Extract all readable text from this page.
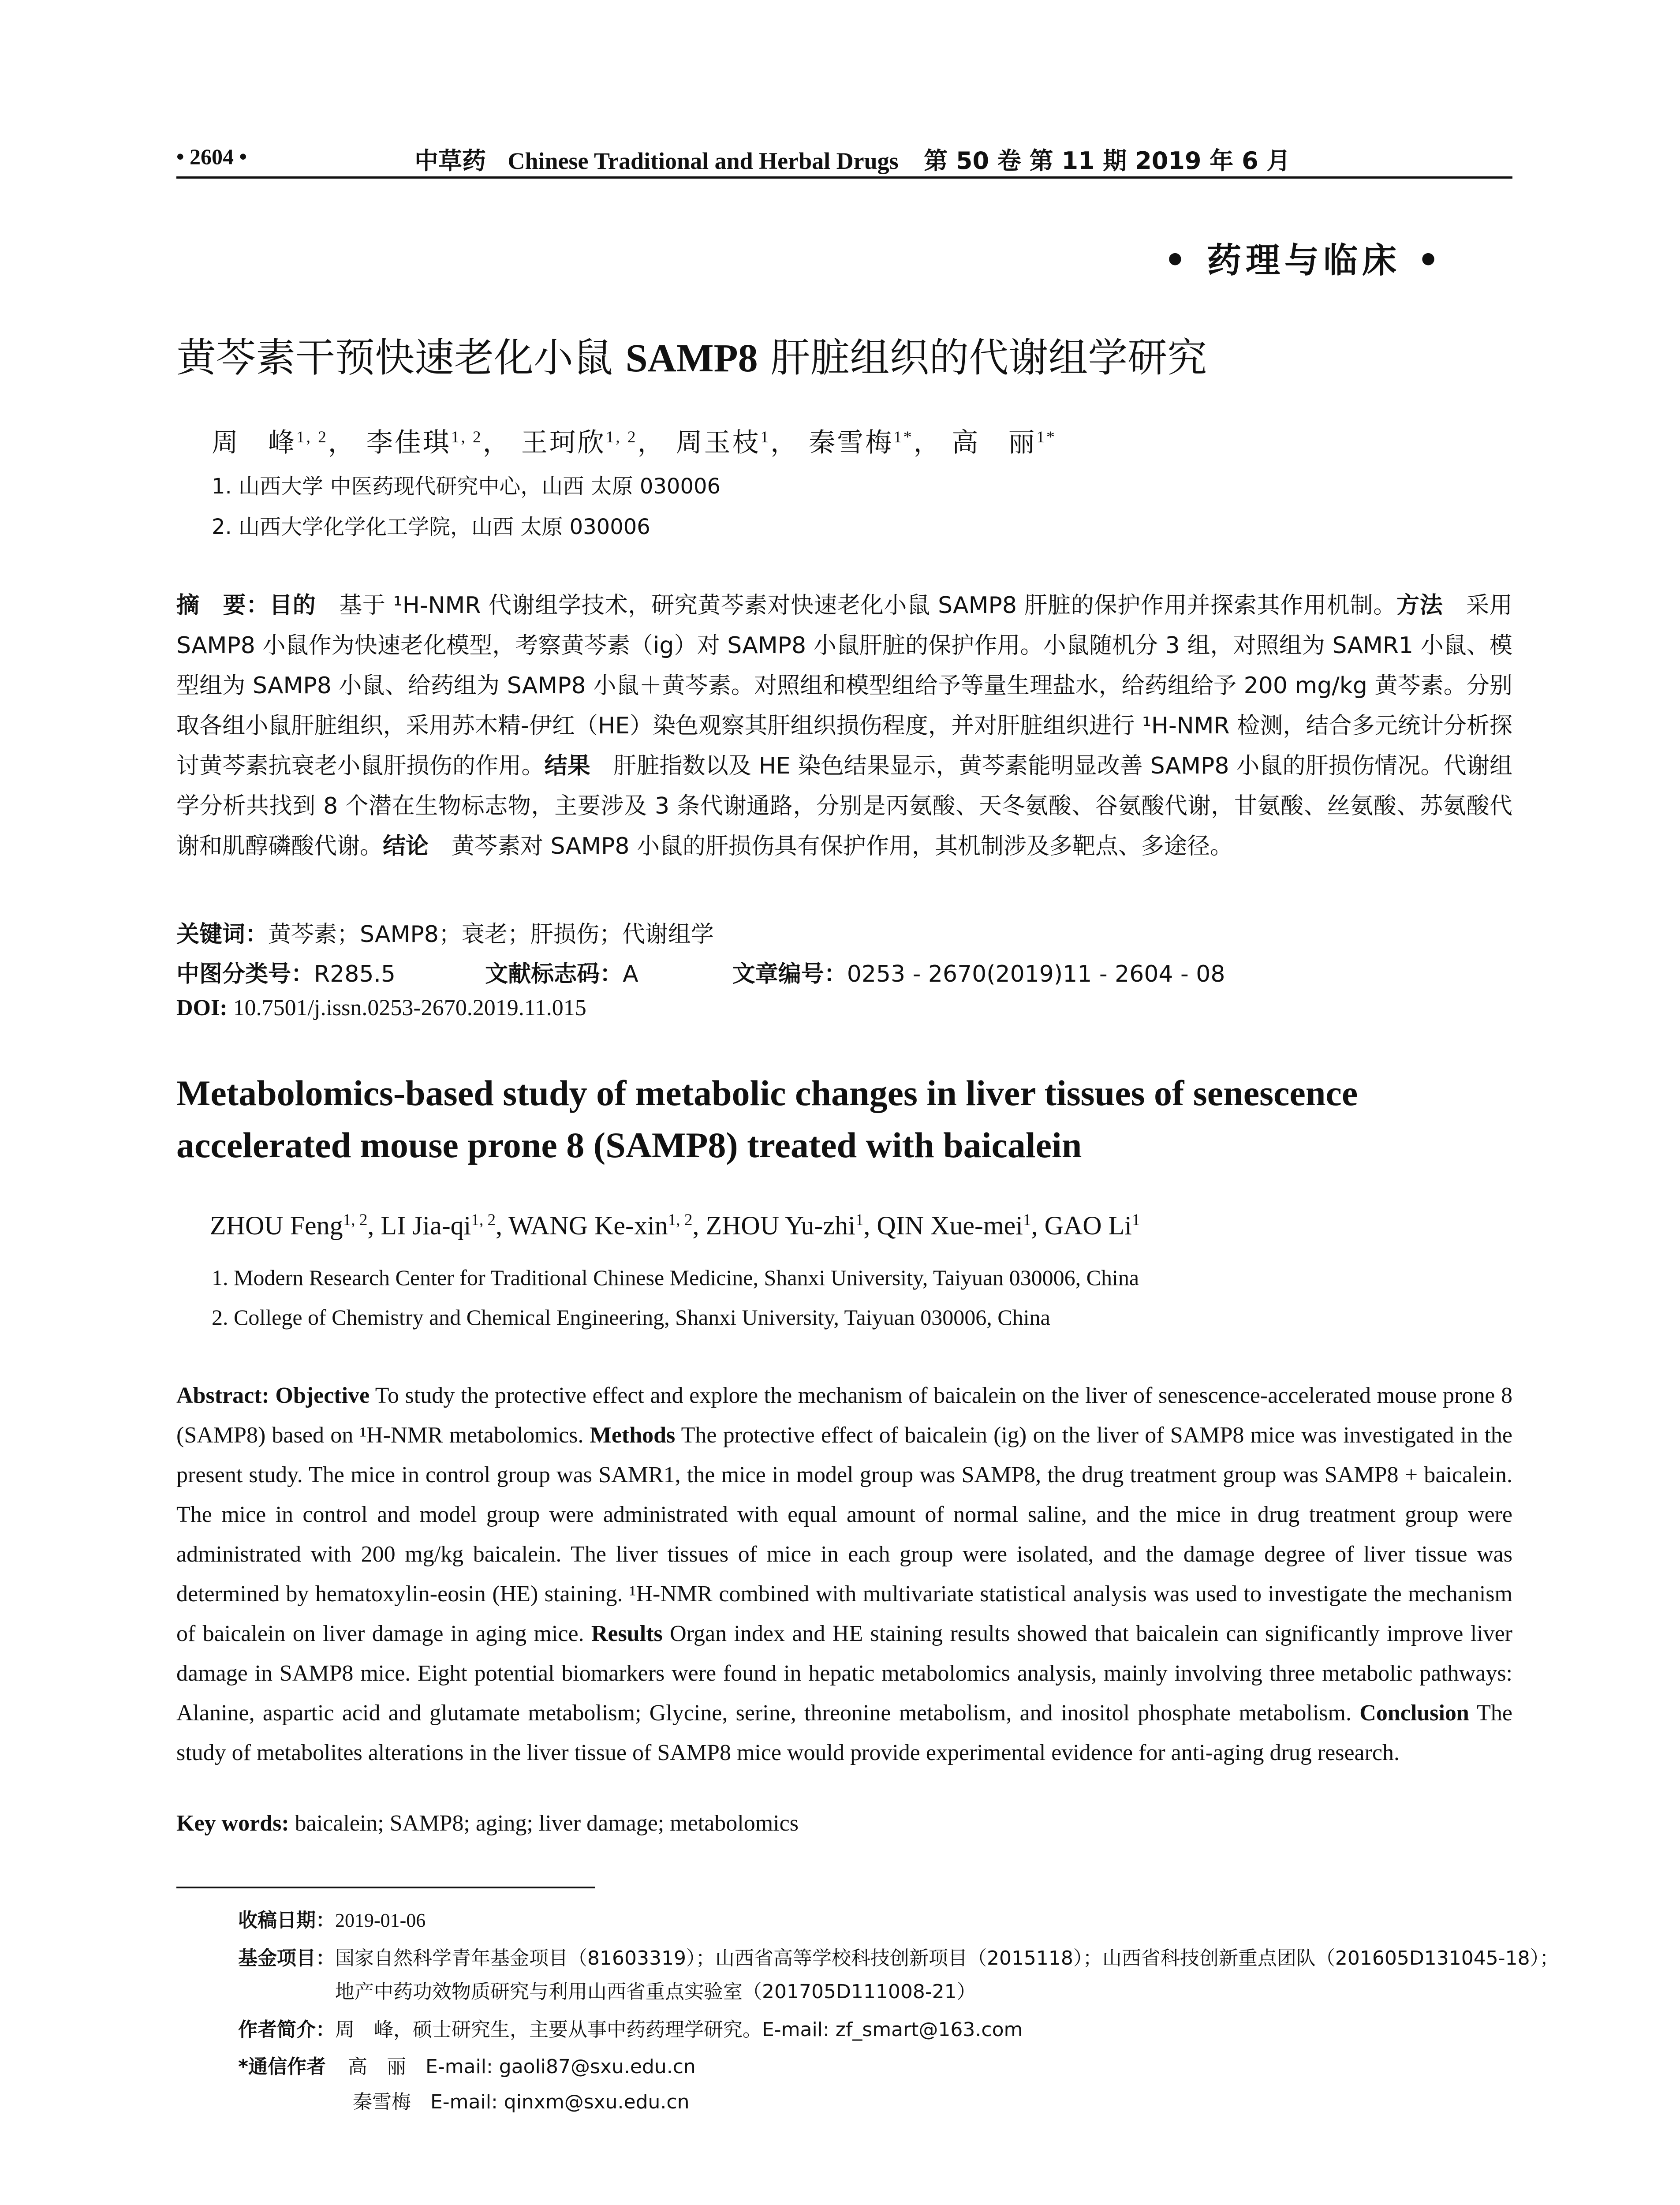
• 2604 •	中草药 Chinese Traditional and Herbal Drugs 第 50 卷 第 11 期 2019 年 6 月
• 药理与临床 •
黄芩素干预快速老化小鼠 SAMP8 肝脏组织的代谢组学研究
周　峰$^{1, 2}$， 李佳琪$^{1, 2}$， 王珂欣$^{1, 2}$， 周玉枝$^1$， 秦雪梅$^{1*}$， 高　丽$^{1*}$
1. 山西大学 中医药现代研究中心，山西 太原 030006
2. 山西大学化学化工学院，山西 太原 030006
摘　要：目的　基于 ¹H-NMR 代谢组学技术，研究黄芩素对快速老化小鼠 SAMP8 肝脏的保护作用并探索其作用机制。方法　采用 SAMP8 小鼠作为快速老化模型，考察黄芩素（ig）对 SAMP8 小鼠肝脏的保护作用。小鼠随机分 3 组，对照组为 SAMR1 小鼠、模型组为 SAMP8 小鼠、给药组为 SAMP8 小鼠＋黄芩素。对照组和模型组给予等量生理盐水，给药组给予 200 mg/kg 黄芩素。分别取各组小鼠肝脏组织，采用苏木精-伊红（HE）染色观察其肝组织损伤程度，并对肝脏组织进行 ¹H-NMR 检测，结合多元统计分析探讨黄芩素抗衰老小鼠肝损伤的作用。结果　肝脏指数以及 HE 染色结果显示，黄芩素能明显改善 SAMP8 小鼠的肝损伤情况。代谢组学分析共找到 8 个潜在生物标志物，主要涉及 3 条代谢通路，分别是丙氨酸、天冬氨酸、谷氨酸代谢，甘氨酸、丝氨酸、苏氨酸代谢和肌醇磷酸代谢。结论　黄芩素对 SAMP8 小鼠的肝损伤具有保护作用，其机制涉及多靶点、多途径。
关键词：黄芩素；SAMP8；衰老；肝损伤；代谢组学
中图分类号：R285.5	文献标志码：A	文章编号：0253 - 2670(2019)11 - 2604 - 08
DOI: 10.7501/j.issn.0253-2670.2019.11.015
Metabolomics-based study of metabolic changes in liver tissues of senescence accelerated mouse prone 8 (SAMP8) treated with baicalein
ZHOU Feng$^{1, 2}$, LI Jia-qi$^{1, 2}$, WANG Ke-xin$^{1, 2}$, ZHOU Yu-zhi$^1$, QIN Xue-mei$^1$, GAO Li$^1$
1. Modern Research Center for Traditional Chinese Medicine, Shanxi University, Taiyuan 030006, China
2. College of Chemistry and Chemical Engineering, Shanxi University, Taiyuan 030006, China
Abstract: Objective To study the protective effect and explore the mechanism of baicalein on the liver of senescence-accelerated mouse prone 8 (SAMP8) based on ¹H-NMR metabolomics. Methods The protective effect of baicalein (ig) on the liver of SAMP8 mice was investigated in the present study. The mice in control group was SAMR1, the mice in model group was SAMP8, the drug treatment group was SAMP8 + baicalein. The mice in control and model group were administrated with equal amount of normal saline, and the mice in drug treatment group were administrated with 200 mg/kg baicalein. The liver tissues of mice in each group were isolated, and the damage degree of liver tissue was determined by hematoxylin-eosin (HE) staining. ¹H-NMR combined with multivariate statistical analysis was used to investigate the mechanism of baicalein on liver damage in aging mice. Results Organ index and HE staining results showed that baicalein can significantly improve liver damage in SAMP8 mice. Eight potential biomarkers were found in hepatic metabolomics analysis, mainly involving three metabolic pathways: Alanine, aspartic acid and glutamate metabolism; Glycine, serine, threonine metabolism, and inositol phosphate metabolism. Conclusion The study of metabolites alterations in the liver tissue of SAMP8 mice would provide experimental evidence for anti-aging drug research.
Key words: baicalein; SAMP8; aging; liver damage; metabolomics
收稿日期：2019-01-06
基金项目：国家自然科学青年基金项目（81603319）；山西省高等学校科技创新项目（2015118）；山西省科技创新重点团队（201605D131045-18）；
地产中药功效物质研究与利用山西省重点实验室（201705D111008-21）
作者简介：周　峰，硕士研究生，主要从事中药药理学研究。E-mail: zf_smart@163.com
*通信作者 高　丽　E-mail: gaoli87@sxu.edu.cn
秦雪梅　E-mail: qinxm@sxu.edu.cn
